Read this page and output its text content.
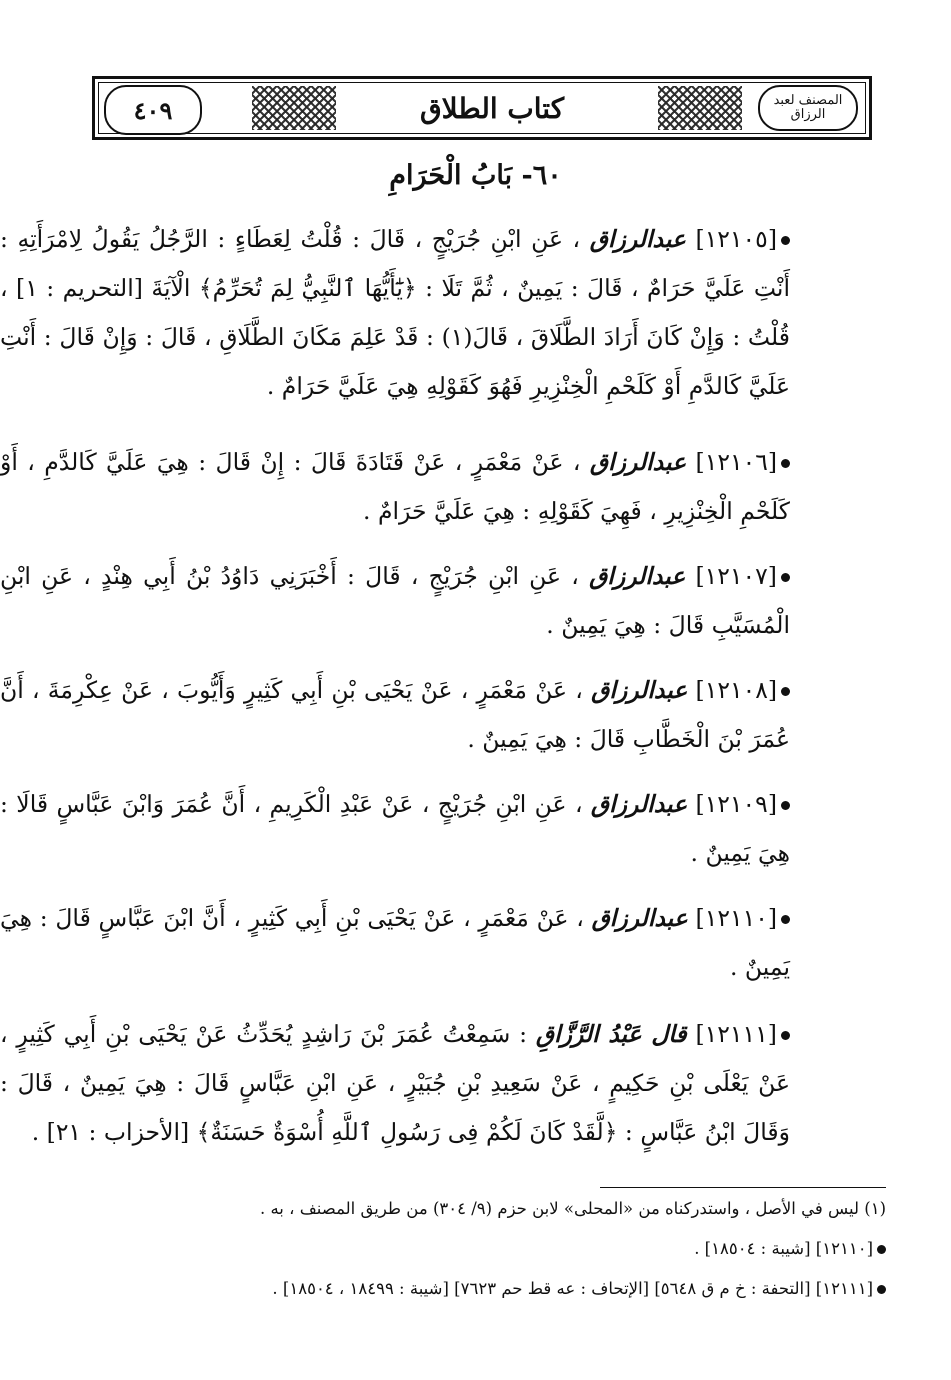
٤٠٩	كتاب الطلاق	المصنف لعبد الرزاق
٦٠- بَابُ الْحَرَامِ
[١٢١٠٥] عبدالرزاق ، عَنِ ابْنِ جُرَيْجٍ ، قَالَ : قُلْتُ لِعَطَاءٍ : الرَّجُلُ يَقُولُ لِامْرَأَتِهِ : أَنْتِ عَلَيَّ حَرَامٌ ، قَالَ : يَمِينٌ ، ثُمَّ تَلَا : ﴿يَٰٓأَيُّهَا ٱلنَّبِيُّ لِمَ تُحَرِّمُ﴾ الْآيَةَ [التحريم : ١] ، قُلْتُ : وَإِنْ كَانَ أَرَادَ الطَّلَاقَ ، قَالَ(١) : قَدْ عَلِمَ مَكَانَ الطَّلَاقِ ، قَالَ : وَإِنْ قَالَ : أَنْتِ عَلَيَّ كَالدَّمِ أَوْ كَلَحْمِ الْخِنْزِيرِ فَهُوَ كَقَوْلِهِ هِيَ عَلَيَّ حَرَامٌ .
[١٢١٠٦] عبدالرزاق ، عَنْ مَعْمَرٍ ، عَنْ قَتَادَةَ قَالَ : إِنْ قَالَ : هِيَ عَلَيَّ كَالدَّمِ ، أَوْ كَلَحْمِ الْخِنْزِيرِ ، فَهِيَ كَقَوْلِهِ : هِيَ عَلَيَّ حَرَامٌ .
[١٢١٠٧] عبدالرزاق ، عَنِ ابْنِ جُرَيْجٍ ، قَالَ : أَخْبَرَنِي دَاوُدُ بْنُ أَبِي هِنْدٍ ، عَنِ ابْنِ الْمُسَيَّبِ قَالَ : هِيَ يَمِينٌ .
[١٢١٠٨] عبدالرزاق ، عَنْ مَعْمَرٍ ، عَنْ يَحْيَى بْنِ أَبِي كَثِيرٍ وَأَيُّوبَ ، عَنْ عِكْرِمَةَ ، أَنَّ عُمَرَ بْنَ الْخَطَّابِ قَالَ : هِيَ يَمِينٌ .
[١٢١٠٩] عبدالرزاق ، عَنِ ابْنِ جُرَيْجٍ ، عَنْ عَبْدِ الْكَرِيمِ ، أَنَّ عُمَرَ وَابْنَ عَبَّاسٍ قَالَا : هِيَ يَمِينٌ .
[١٢١١٠] عبدالرزاق ، عَنْ مَعْمَرٍ ، عَنْ يَحْيَى بْنِ أَبِي كَثِيرٍ ، أَنَّ ابْنَ عَبَّاسٍ قَالَ : هِيَ يَمِينٌ .
[١٢١١١] قال عَبْدُ الرَّزَّاقِ : سَمِعْتُ عُمَرَ بْنَ رَاشِدٍ يُحَدِّثُ عَنْ يَحْيَى بْنِ أَبِي كَثِيرٍ ، عَنْ يَعْلَى بْنِ حَكِيمٍ ، عَنْ سَعِيدِ بْنِ جُبَيْرٍ ، عَنِ ابْنِ عَبَّاسٍ قَالَ : هِيَ يَمِينٌ ، قَالَ : وَقَالَ ابْنُ عَبَّاسٍ : ﴿لَّقَدْ كَانَ لَكُمْ فِى رَسُولِ ٱللَّهِ أُسْوَةٌ حَسَنَةٌ﴾ [الأحزاب : ٢١] .
(١) ليس في الأصل ، واستدركناه من «المحلى» لابن حزم (٩/ ٣٠٤) من طريق المصنف ، به .
[١٢١١٠] [شيبة : ١٨٥٠٤] .
[١٢١١١] [التحفة : خ م ق ٥٦٤٨] [الإتحاف : عه قط حم ٧٦٢٣] [شيبة : ١٨٤٩٩ ، ١٨٥٠٤] .
